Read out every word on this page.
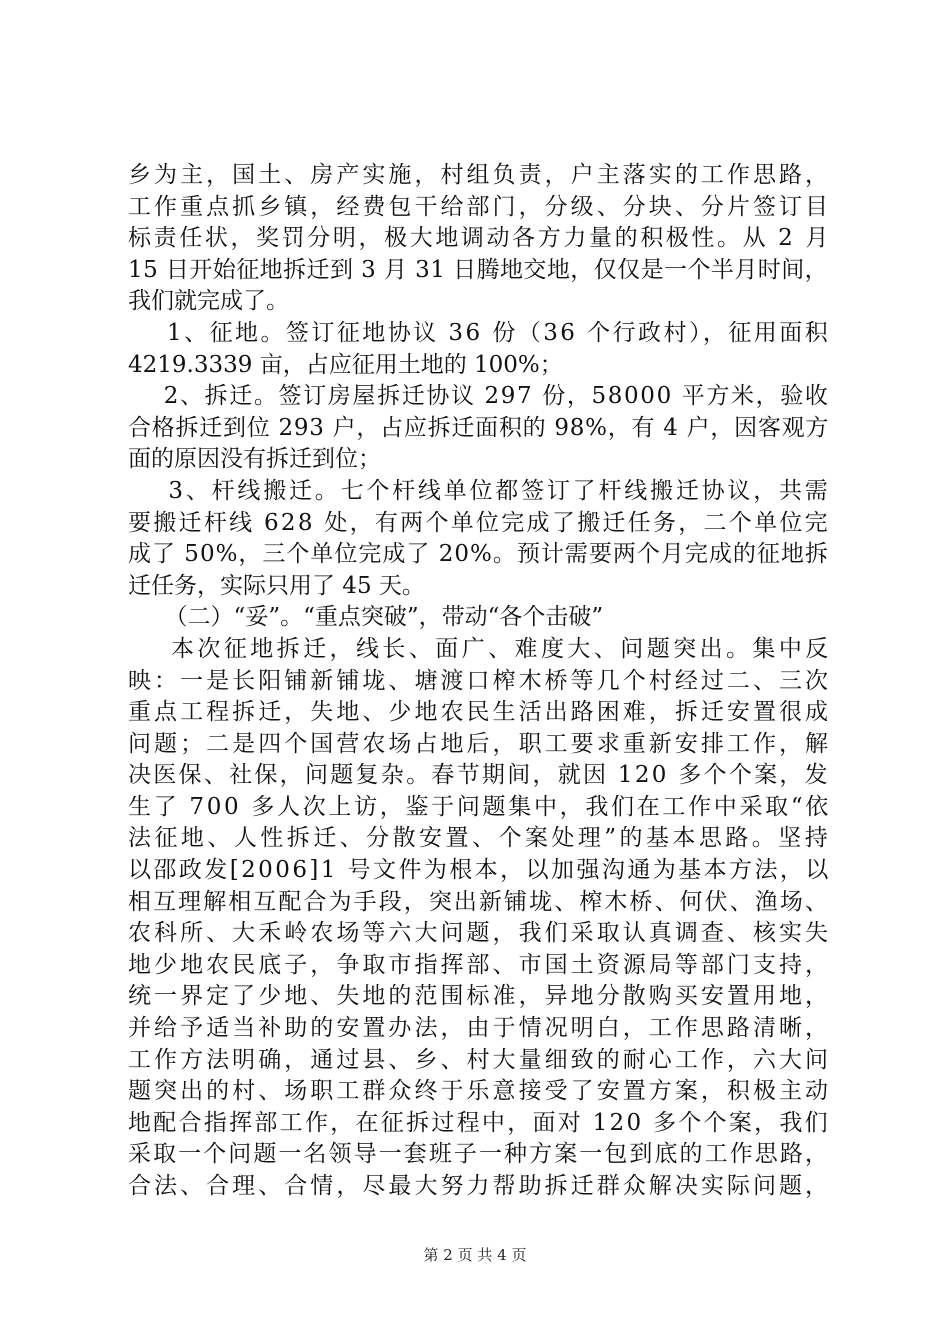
乡为主，国土、房产实施，村组负责，户主落实的工作思路，
工作重点抓乡镇，经费包干给部门，分级、分块、分片签订目
标责任状，奖罚分明，极大地调动各方力量的积极性。从 2 月
15 日开始征地拆迁到 3 月 31 日腾地交地，仅仅是一个半月时间，
我们就完成了。
1、征地。签订征地协议 36 份（36 个行政村），征用面积
4219.3339 亩，占应征用土地的 100%；
2、拆迁。签订房屋拆迁协议 297 份，58000 平方米，验收
合格拆迁到位 293 户，占应拆迁面积的 98%，有 4 户，因客观方
面的原因没有拆迁到位；
3、杆线搬迁。七个杆线单位都签订了杆线搬迁协议，共需
要搬迁杆线 628 处，有两个单位完成了搬迁任务，二个单位完
成了 50%，三个单位完成了 20%。预计需要两个月完成的征地拆
迁任务，实际只用了 45 天。
（二）“妥”。“重点突破”，带动“各个击破”
本次征地拆迁，线长、面广、难度大、问题突出。集中反
映：一是长阳铺新铺垅、塘渡口榨木桥等几个村经过二、三次
重点工程拆迁，失地、少地农民生活出路困难，拆迁安置很成
问题；二是四个国营农场占地后，职工要求重新安排工作，解
决医保、社保，问题复杂。春节期间，就因 120 多个个案，发
生了 700 多人次上访，鉴于问题集中，我们在工作中采取“依
法征地、人性拆迁、分散安置、个案处理”的基本思路。坚持
以邵政发[2006]1 号文件为根本，以加强沟通为基本方法，以
相互理解相互配合为手段，突出新铺垅、榨木桥、何伏、渔场、
农科所、大禾岭农场等六大问题，我们采取认真调查、核实失
地少地农民底子，争取市指挥部、市国土资源局等部门支持，
统一界定了少地、失地的范围标准，异地分散购买安置用地，
并给予适当补助的安置办法，由于情况明白，工作思路清晰，
工作方法明确，通过县、乡、村大量细致的耐心工作，六大问
题突出的村、场职工群众终于乐意接受了安置方案，积极主动
地配合指挥部工作，在征拆过程中，面对 120 多个个案，我们
采取一个问题一名领导一套班子一种方案一包到底的工作思路，
合法、合理、合情，尽最大努力帮助拆迁群众解决实际问题，
第 2 页 共 4 页
